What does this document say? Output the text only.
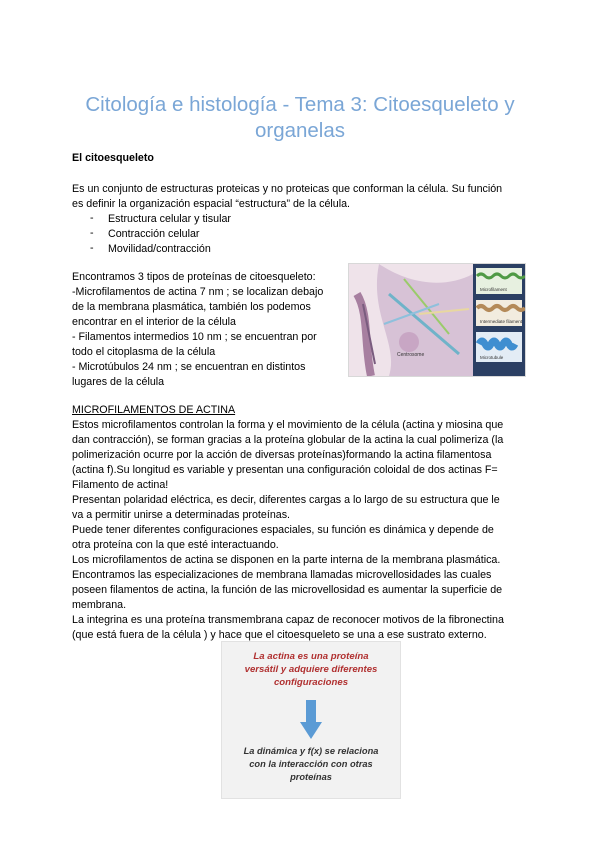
Citología e histología - Tema 3: Citoesqueleto y organelas

El citoesqueleto

Es un conjunto de estructuras proteicas y no proteicas que conforman la célula. Su función

es definir la organización espacial “estructura” de la célula.

- Estructura celular y tisular

- Contracción celular

- Movilidad/contracción

Encontramos 3 tipos de proteínas de citoesqueleto:

-Microfilamentos de actina 7 nm ; se localizan debajo

de la membrana plasmática, también los podemos

encontrar en el interior de la célula

- Filamentos intermedios 10 nm ; se encuentran por

todo el citoplasma de la célula

- Microtúbulos 24 nm ; se encuentran en distintos

lugares de la célula

Microfilament
Intermediate filament
Microtubule
Centrosome

MICROFILAMENTOS DE ACTINA

Estos microfilamentos controlan la forma y el movimiento de la célula (actina y miosina que

dan contracción), se forman gracias a la proteína globular de la actina la cual polimeriza (la

polimerización ocurre por la acción de diversas proteínas)formando la actina filamentosa

(actina f).Su longitud es variable y presentan una configuración coloidal de dos actinas F=

Filamento de actina!

Presentan polaridad eléctrica, es decir, diferentes cargas a lo largo de su estructura que le

va a permitir unirse a determinadas proteínas.

Puede tener diferentes configuraciones espaciales, su función es dinámica y depende de

otra proteína con la que esté interactuando.

Los microfilamentos de actina se disponen en la parte interna de la membrana plasmática.

Encontramos las especializaciones de membrana llamadas microvellosidades las cuales

poseen filamentos de actina, la función de las microvellosidad es aumentar la superficie de

membrana.

La integrina es una proteína transmembrana capaz de reconocer motivos de la fibronectina

(que está fuera de la célula ) y hace que el citoesqueleto se una a ese sustrato externo.

La actina es una proteína
versátil y adquiere diferentes
configuraciones
La dinámica y f(x) se relaciona
con la interacción con otras
proteínas
